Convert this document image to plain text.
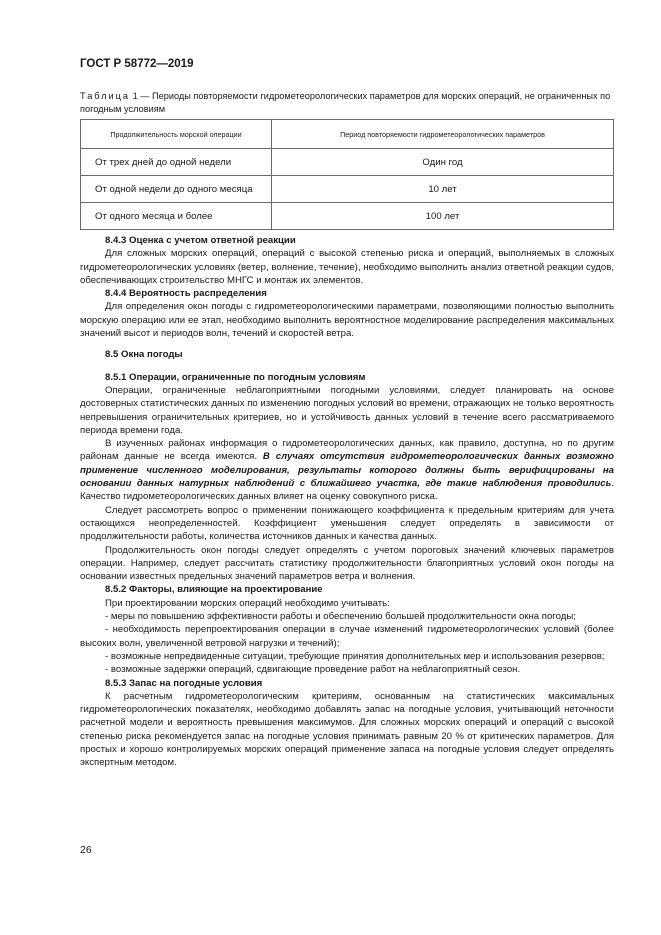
ГОСТ Р 58772—2019
Таблица 1 — Периоды повторяемости гидрометеорологических параметров для морских операций, не ограниченных по погодным условиям
Продолжительность морской операции	Период повторяемости гидрометеорологических параметров
От трех дней до одной недели	Один год
От одной недели до одного месяца	10 лет
От одного месяца и более	100 лет
8.4.3 Оценка с учетом ответной реакции

Для сложных морских операций, операций с высокой степенью риска и операций, выполняемых в сложных гидрометеорологических условиях (ветер, волнение, течение), необходимо выполнить анализ ответной реакции судов, обеспечивающих строительство МНГС и монтаж их элементов.

8.4.4 Вероятность распределения

Для определения окон погоды с гидрометеорологическими параметрами, позволяющими полностью выполнить морскую операцию или ее этап, необходимо выполнить вероятностное моделирование распределения максимальных значений высот и периодов волн, течений и скоростей ветра.

8.5 Окна погоды
8.5.1 Операции, ограниченные по погодным условиям

Операции, ограниченные неблагоприятными погодными условиями, следует планировать на основе достоверных статистических данных по изменению погодных условий во времени, отражающих не только вероятность непревышения ограничительных критериев, но и устойчивость данных условий в течение всего рассматриваемого периода времени года.

В изученных районах информация о гидрометеорологических данных, как правило, доступна, но по другим районам данные не всегда имеются. В случаях отсутствия гидрометеорологических данных возможно применение численного моделирования, результаты которого должны быть верифицированы на основании данных натурных наблюдений с ближайшего участка, где такие наблюдения проводились. Качество гидрометеорологических данных влияет на оценку совокупного риска.

Следует рассмотреть вопрос о применении понижающего коэффициента к предельным критериям для учета остающихся неопределенностей. Коэффициент уменьшения следует определять в зависимости от продолжительности работы, количества источников данных и качества данных.

Продолжительность окон погоды следует определять с учетом пороговых значений ключевых параметров операции. Например, следует рассчитать статистику продолжительности благоприятных условий окон погоды на основании известных предельных значений параметров ветра и волнения.

8.5.2 Факторы, влияющие на проектирование

При проектировании морских операций необходимо учитывать:

- меры по повышению эффективности работы и обеспечению большей продолжительности окна погоды;

- необходимость перепроектирования операции в случае изменений гидрометеорологических условий (более высоких волн, увеличенной ветровой нагрузки и течений);

- возможные непредвиденные ситуации, требующие принятия дополнительных мер и использования резервов;

- возможные задержки операций, сдвигающие проведение работ на неблагоприятный сезон.

8.5.3 Запас на погодные условия

К расчетным гидрометеорологическим критериям, основанным на статистических максимальных гидрометеорологических показателях, необходимо добавлять запас на погодные условия, учитывающий неточности расчетной модели и вероятность превышения максимумов. Для сложных морских операций и операций с высокой степенью риска рекомендуется запас на погодные условия принимать равным 20 % от критических параметров. Для простых и хорошо контролируемых морских операций применение запаса на погодные условия следует определять экспертным методом.

26
